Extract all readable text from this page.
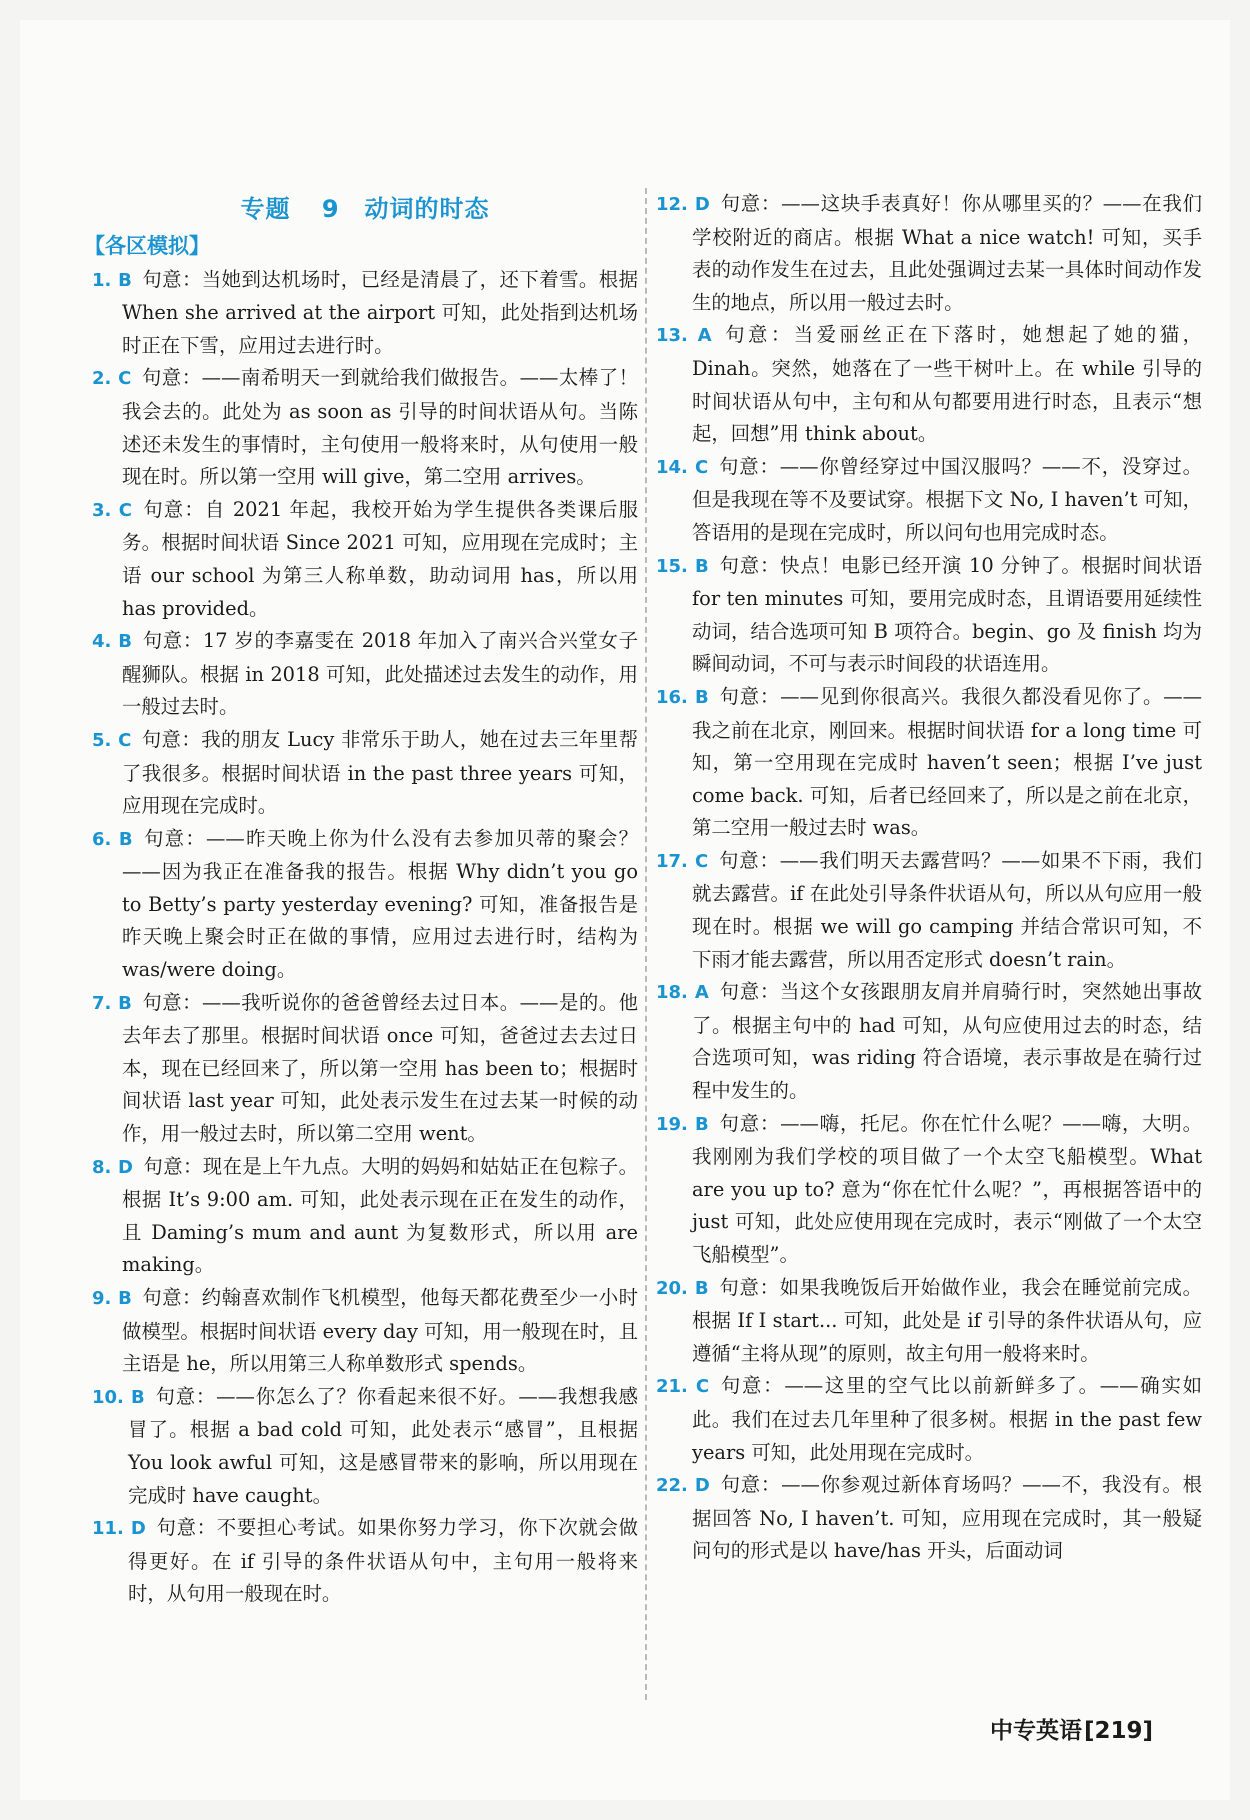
专题 9　动词的时态
【各区模拟】

1. B 句意：当她到达机场时，已经是清晨了，还下着雪。根据 When she arrived at the airport 可知，此处指到达机场时正在下雪，应用过去进行时。

2. C 句意：——南希明天一到就给我们做报告。——太棒了！我会去的。此处为 as soon as 引导的时间状语从句。当陈述还未发生的事情时，主句使用一般将来时，从句使用一般现在时。所以第一空用 will give，第二空用 arrives。

3. C 句意：自 2021 年起，我校开始为学生提供各类课后服务。根据时间状语 Since 2021 可知，应用现在完成时；主语 our school 为第三人称单数，助动词用 has，所以用 has provided。

4. B 句意：17 岁的李嘉雯在 2018 年加入了南兴合兴堂女子醒狮队。根据 in 2018 可知，此处描述过去发生的动作，用一般过去时。

5. C 句意：我的朋友 Lucy 非常乐于助人，她在过去三年里帮了我很多。根据时间状语 in the past three years 可知，应用现在完成时。

6. B 句意：——昨天晚上你为什么没有去参加贝蒂的聚会？——因为我正在准备我的报告。根据 Why didn’t you go to Betty’s party yesterday evening? 可知，准备报告是昨天晚上聚会时正在做的事情，应用过去进行时，结构为 was/were doing。

7. B 句意：——我听说你的爸爸曾经去过日本。——是的。他去年去了那里。根据时间状语 once 可知，爸爸过去去过日本，现在已经回来了，所以第一空用 has been to；根据时间状语 last year 可知，此处表示发生在过去某一时候的动作，用一般过去时，所以第二空用 went。

8. D 句意：现在是上午九点。大明的妈妈和姑姑正在包粽子。根据 It’s 9:00 am. 可知，此处表示现在正在发生的动作，且 Daming’s mum and aunt 为复数形式，所以用 are making。

9. B 句意：约翰喜欢制作飞机模型，他每天都花费至少一小时做模型。根据时间状语 every day 可知，用一般现在时，且主语是 he，所以用第三人称单数形式 spends。

10. B 句意：——你怎么了？你看起来很不好。——我想我感冒了。根据 a bad cold 可知，此处表示“感冒”，且根据 You look awful 可知，这是感冒带来的影响，所以用现在完成时 have caught。

11. D 句意：不要担心考试。如果你努力学习，你下次就会做得更好。在 if 引导的条件状语从句中，主句用一般将来时，从句用一般现在时。

12. D 句意：——这块手表真好！你从哪里买的？——在我们学校附近的商店。根据 What a nice watch! 可知，买手表的动作发生在过去，且此处强调过去某一具体时间动作发生的地点，所以用一般过去时。

13. A 句意：当爱丽丝正在下落时，她想起了她的猫，Dinah。突然，她落在了一些干树叶上。在 while 引导的时间状语从句中，主句和从句都要用进行时态，且表示“想起，回想”用 think about。

14. C 句意：——你曾经穿过中国汉服吗？——不，没穿过。但是我现在等不及要试穿。根据下文 No, I haven’t 可知，答语用的是现在完成时，所以问句也用完成时态。

15. B 句意：快点！电影已经开演 10 分钟了。根据时间状语 for ten minutes 可知，要用完成时态，且谓语要用延续性动词，结合选项可知 B 项符合。begin、go 及 finish 均为瞬间动词，不可与表示时间段的状语连用。

16. B 句意：——见到你很高兴。我很久都没看见你了。——我之前在北京，刚回来。根据时间状语 for a long time 可知，第一空用现在完成时 haven’t seen；根据 I’ve just come back. 可知，后者已经回来了，所以是之前在北京，第二空用一般过去时 was。

17. C 句意：——我们明天去露营吗？——如果不下雨，我们就去露营。if 在此处引导条件状语从句，所以从句应用一般现在时。根据 we will go camping 并结合常识可知，不下雨才能去露营，所以用否定形式 doesn’t rain。

18. A 句意：当这个女孩跟朋友肩并肩骑行时，突然她出事故了。根据主句中的 had 可知，从句应使用过去的时态，结合选项可知，was riding 符合语境，表示事故是在骑行过程中发生的。

19. B 句意：——嗨，托尼。你在忙什么呢？——嗨，大明。我刚刚为我们学校的项目做了一个太空飞船模型。What are you up to? 意为“你在忙什么呢？”，再根据答语中的 just 可知，此处应使用现在完成时，表示“刚做了一个太空飞船模型”。

20. B 句意：如果我晚饭后开始做作业，我会在睡觉前完成。根据 If I start... 可知，此处是 if 引导的条件状语从句，应遵循“主将从现”的原则，故主句用一般将来时。

21. C 句意：——这里的空气比以前新鲜多了。——确实如此。我们在过去几年里种了很多树。根据 in the past few years 可知，此处用现在完成时。

22. D 句意：——你参观过新体育场吗？——不，我没有。根据回答 No, I haven’t. 可知，应用现在完成时，其一般疑问句的形式是以 have/has 开头，后面动词

中专英语[219]
